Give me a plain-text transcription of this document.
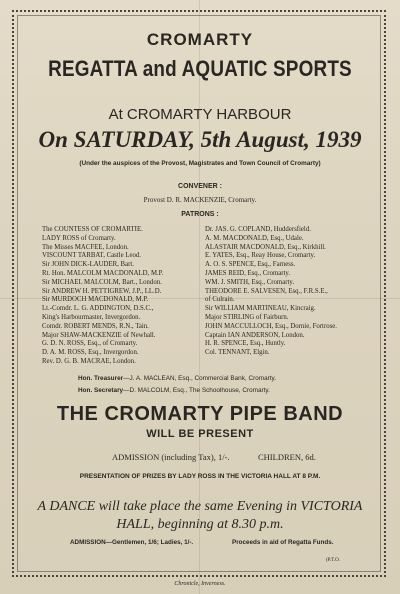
CROMARTY
REGATTA and AQUATIC SPORTS
At CROMARTY HARBOUR
On SATURDAY, 5th August, 1939
(Under the auspices of the Provost, Magistrates and Town Council of Cromarty)
CONVENER :
Provost D. R. MACKENZIE, Cromarty.
PATRONS :
The COUNTESS OF CROMARTIE.
LADY ROSS of Cromarty.
The Misses MACFEE, London.
VISCOUNT TARBAT, Castle Leod.
Sir JOHN DICK-LAUDER, Bart.
Rt. Hon. MALCOLM MACDONALD, M.P.
Sir MICHAEL MALCOLM, Bart., London.
Sir ANDREW H. PETTIGREW, J.P., LL.D.
Sir MURDOCH MACDONALD, M.P.
Lt.-Comdr. L. G. ADDINGTON, D.S.C.,
King's Harbourmaster, Invergordon.
Comdr. ROBERT MENDS, R.N., Tain.
Major SHAW-MACKENZIE of Newhall.
G. D. N. ROSS, Esq., of Cromarty.
D. A. M. ROSS, Esq., Invergordon.
Rev. D. G. B. MACRAE, London.
Dr. JAS. G. COPLAND, Huddersfield.
A. M. MACDONALD, Esq., Udale.
ALASTAIR MACDONALD, Esq., Kirkhill.
E. YATES, Esq., Reay House, Cromarty.
A. O. S. SPENCE, Esq., Farness.
JAMES REID, Esq., Cromarty.
WM. J. SMITH, Esq., Cromarty.
THEODORE E. SALVESEN, Esq., F.R.S.E.,
of Culrain.
Sir WILLIAM MARTINEAU, Kincraig.
Major STIRLING of Fairburn.
JOHN MACCULLOCH, Esq., Dornie, Fortrose.
Captain IAN ANDERSON, London.
H. R. SPENCE, Esq., Huntly.
Col. TENNANT, Elgin.
Hon. Treasurer—J. A. MACLEAN, Esq., Commercial Bank, Cromarty.
Hon. Secretary—D. MALCOLM, Esq., The Schoolhouse, Cromarty.
THE CROMARTY PIPE BAND
WILL BE PRESENT
ADMISSION (including Tax), 1/-.	CHILDREN, 6d.
PRESENTATION OF PRIZES BY LADY ROSS IN THE VICTORIA HALL AT 8 P.M.
A DANCE will take place the same Evening in VICTORIA
HALL, beginning at 8.30 p.m.
ADMISSION—Gentlemen, 1/6; Ladies, 1/-.	Proceeds in aid of Regatta Funds.
(P.T.O.
Chronicle, Inverness.
